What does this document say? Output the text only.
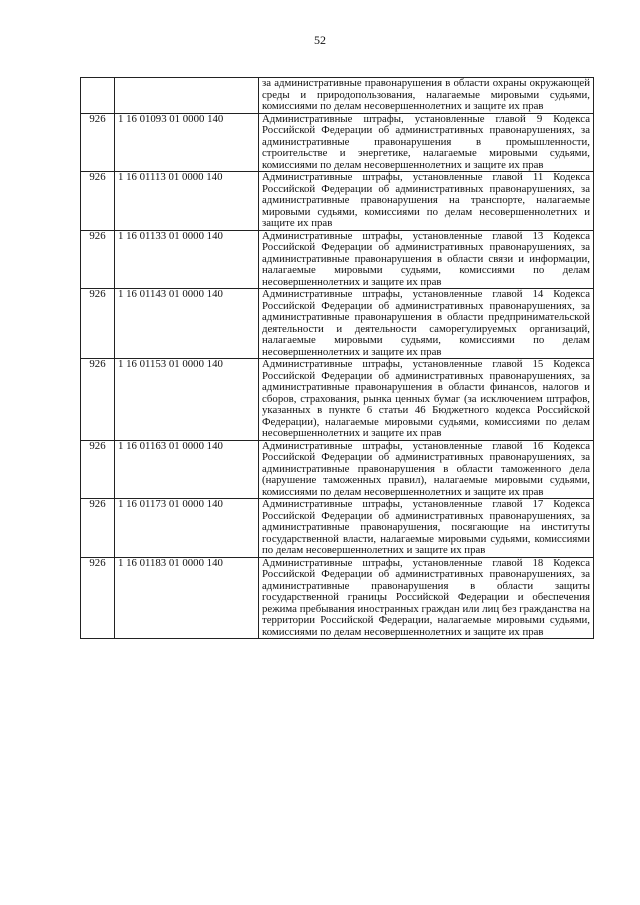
52
		за административные правонарушения в области охраны окружающей среды и природопользования, налагаемые мировыми судьями, комиссиями по делам несовершеннолетних и защите их прав
926	1 16 01093 01 0000 140	Административные штрафы, установленные главой 9 Кодекса Российской Федерации об административных правонарушениях, за административные правонарушения в промышленности, строительстве и энергетике, налагаемые мировыми судьями, комиссиями по делам несовершеннолетних и защите их прав
926	1 16 01113 01 0000 140	Административные штрафы, установленные главой 11 Кодекса Российской Федерации об административных правонарушениях, за административные правонарушения на транспорте, налагаемые мировыми судьями, комиссиями по делам несовершеннолетних и защите их прав
926	1 16 01133 01 0000 140	Административные штрафы, установленные главой 13 Кодекса Российской Федерации об административных правонарушениях, за административные правонарушения в области связи и информации, налагаемые мировыми судьями, комиссиями по делам несовершеннолетних и защите их прав
926	1 16 01143 01 0000 140	Административные штрафы, установленные главой 14 Кодекса Российской Федерации об административных правонарушениях, за административные правонарушения в области предпринимательской деятельности и деятельности саморегулируемых организаций, налагаемые мировыми судьями, комиссиями по делам несовершеннолетних и защите их прав
926	1 16 01153 01 0000 140	Административные штрафы, установленные главой 15 Кодекса Российской Федерации об административных правонарушениях, за административные правонарушения в области финансов, налогов и сборов, страхования, рынка ценных бумаг (за исключением штрафов, указанных в пункте 6 статьи 46 Бюджетного кодекса Российской Федерации), налагаемые мировыми судьями, комиссиями по делам несовершеннолетних и защите их прав
926	1 16 01163 01 0000 140	Административные штрафы, установленные главой 16 Кодекса Российской Федерации об административных правонарушениях, за административные правонарушения в области таможенного дела (нарушение таможенных правил), налагаемые мировыми судьями, комиссиями по делам несовершеннолетних и защите их прав
926	1 16 01173 01 0000 140	Административные штрафы, установленные главой 17 Кодекса Российской Федерации об административных правонарушениях, за административные правонарушения, посягающие на институты государственной власти, налагаемые мировыми судьями, комиссиями по делам несовершеннолетних и защите их прав
926	1 16 01183 01 0000 140	Административные штрафы, установленные главой 18 Кодекса Российской Федерации об административных правонарушениях, за административные правонарушения в области защиты государственной границы Российской Федерации и обеспечения режима пребывания иностранных граждан или лиц без гражданства на территории Российской Федерации, налагаемые мировыми судьями, комиссиями по делам несовершеннолетних и защите их прав
